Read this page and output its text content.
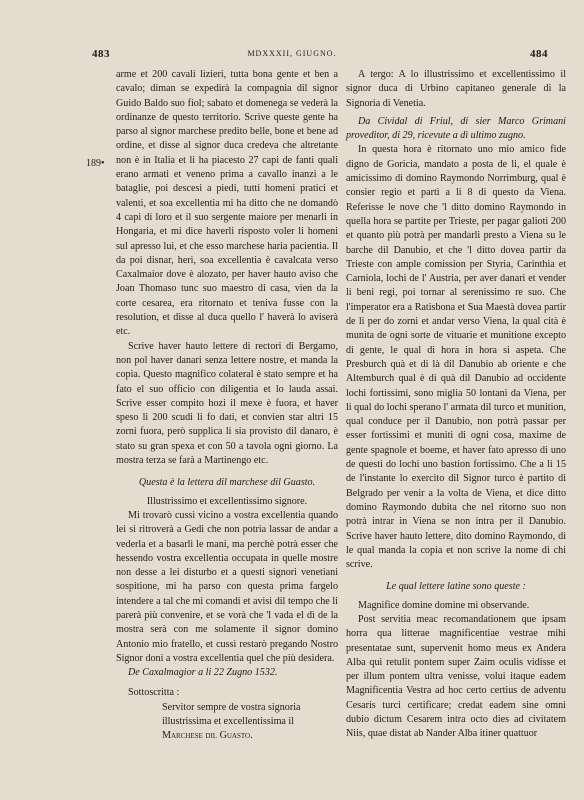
483	MDXXXII, GIUGNO.	484
189•

arme et 200 cavali lizieri, tutta bona gente et ben a cavalo; diman se expedirà la compagnia dil signor Guido Baldo suo fiol; sabato et domenega se vederà la ordinanze de questo territorio. Scrive queste gente ha parso al signor marchese predito belle, bone et bene ad ordine, et disse al signor duca credeva che altretante non è in Italia et li ha piacesto 27 capi de fanti quali erano armati et veneno prima a cavallo inanzi a le bataglie, poi descesi a piedi, tutti homeni pratici et valenti, et soa excellentia mi ha ditto che ne domandò 4 capi di loro et il suo sergente maiore per menarli in Hongaria, et mi dice haverli risposto voler li homeni sul apresso lui, et che esso marchese haria pacientia. Il da poi disnar, heri, soa excellentia è cavalcata verso Caxalmaior dove è alozato, per haver hauto aviso che Joan Thomaso tunc suo maestro di casa, vien da la corte cesarea, era ritornato et teniva fusse con la resolution, et disse al duca quello l' haverà lo aviserà etc.

Scrive haver hauto lettere di rectori di Bergamo, non pol haver danari senza lettere nostre, et manda la copia. Questo magnifico colateral è stato sempre et ha fato el suo officio con diligentia et lo lauda assai. Scrive esser compito hozi il mexe è fuora, et haver speso li 200 scudi li fo dati, et convien star altri 15 zorni fuora, però supplica li sia provisto dil danaro, è stato su gran spexa et con 50 a tavola ogni giorno. La mostra terza se farà a Martinengo etc.

Questa è la lettera dil marchese dil Guasto.

Illustrissimo et excellentissimo signore.

Mi trovarò cussì vicino a vostra excellentia quando lei si ritroverà a Gedi che non potria lassar de andar a vederla et a basarli le mani, ma perchè potrà esser che hessendo vostra excellentia occupata in quelle mostre non desse a lei disturbo et a questi signori venetiani sospitione, mi ha parso con questa prima fargelo intendere a tal che mi comandi et avisi dil tempo che li parerà più convenire, et se vorà che 'l vada el dì de la mostra serà con me solamente il signor domino Antonio mio fratello, et cussì restarò pregando Nostro Signor doni a vostra excellentia quel che più desidera.

De Caxalmagior a li 22 Zugno 1532.

Sottoscritta :

Servitor sempre de vostra signoria illustrissima et excellentissima il

Marchese dil Guasto.

A tergo: A lo illustrissimo et excellentissimo il signor duca di Urbino capitaneo generale di la Signoria di Venetia.

Da Cividal di Friul, di sier Marco Grimani proveditor, di 29, ricevute a dì ultimo zugno.

In questa hora è ritornato uno mio amico fide digno de Goricia, mandato a posta de li, el quale è amicissimo di domino Raymondo Norrimburg, qual è consier regio et partì a li 8 di questo da Viena. Referisse le nove che 'l ditto domino Raymondo in quella hora se partite per Trieste, per pagar galioti 200 et quanto più potrà per mandarli presto a Viena su le barche dil Danubio, et che 'l ditto dovea partir da Trieste con ample comission per Styria, Carinthia et Carniola, lochi de l' Austria, per aver danari et vender li beni regi, poi tornar al serenissimo re suo. Che l'imperator era a Ratisbona et Sua Maestà dovea partir de li per do zorni et andar verso Viena, la qual cità è munita de ogni sorte de vituarie et munitione excepto di gente, le qual di hora in hora si aspeta. Che Presburch quà et di là dil Danubio ab oriente e che Altemburch qual è di quà dil Danubio ad occidente lochi fortissimi, sono miglia 50 lontani da Viena, per li qual do lochi sperano l' armata dil turco et munition, qual conduce per il Danubio, non potrà passar per esser fortissimi et muniti di ogni cosa, maxime de gente spagnole et boeme, et haver fato apresso di uno de questi do lochi uno bastion fortissimo. Che a li 15 de l'instante lo exercito dil Signor turco è partito di Belgrado per venir a la volta de Viena, et dice ditto domino Raymondo dubita che nel ritorno suo non potrà intrar in Viena se non intra per il Danubio. Scrive haver hauto lettere, dito domino Raymondo, di le qual manda la copia et non scrive la nome di chi scrive.

Le qual lettere latine sono queste :

Magnifice domine domine mi observande.

Post servitia meac recomandationem que ipsam horra qua litterae magnificentiae vestrae mihi presentatae sunt, supervenit homo meus ex Andera Alba qui retulit pontem super Zaim oculis vidisse et per illum pontem ultra venisse, volui itaque eadem Magnificentia Vestra ad hoc certo certius de adventu Cesaris turci certificare; credat eadem sine omni dubio dictum Cesarem intra octo dies ad civitatem Niis, quae distat ab Nander Alba itiner quattuor
